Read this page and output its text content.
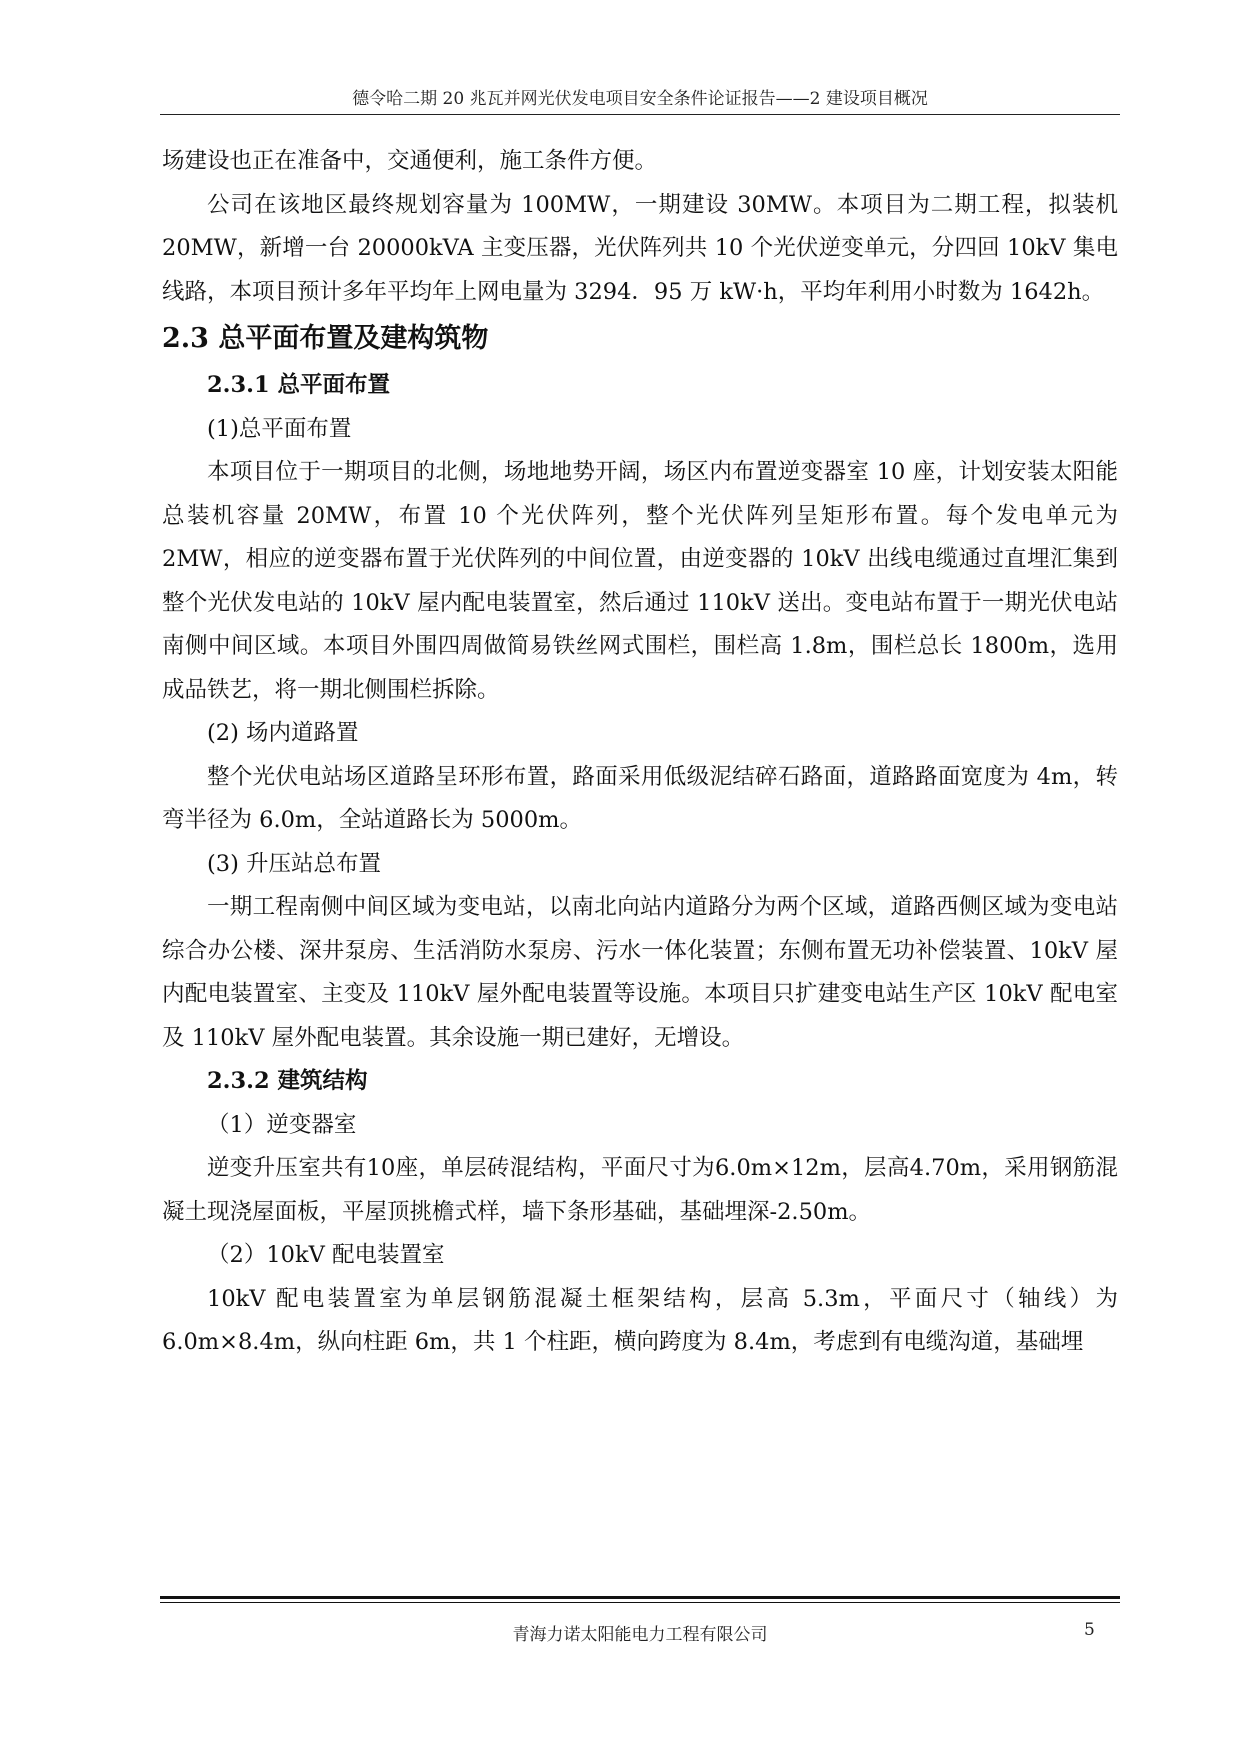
德令哈二期 20 兆瓦并网光伏发电项目安全条件论证报告——2 建设项目概况

场建设也正在准备中，交通便利，施工条件方便。

公司在该地区最终规划容量为 100MW，一期建设 30MW。本项目为二期工程，拟装机 20MW，新增一台 20000kVA 主变压器，光伏阵列共 10 个光伏逆变单元，分四回 10kV 集电线路，本项目预计多年平均年上网电量为 3294．95 万 kW·h，平均年利用小时数为 1642h。

2.3 总平面布置及建构筑物

2.3.1 总平面布置

(1)总平面布置

本项目位于一期项目的北侧，场地地势开阔，场区内布置逆变器室 10 座，计划安装太阳能总装机容量 20MW，布置 10 个光伏阵列，整个光伏阵列呈矩形布置。每个发电单元为 2MW，相应的逆变器布置于光伏阵列的中间位置，由逆变器的 10kV 出线电缆通过直埋汇集到整个光伏发电站的 10kV 屋内配电装置室，然后通过 110kV 送出。变电站布置于一期光伏电站南侧中间区域。本项目外围四周做简易铁丝网式围栏，围栏高 1.8m，围栏总长 1800m，选用成品铁艺，将一期北侧围栏拆除。

(2) 场内道路置

整个光伏电站场区道路呈环形布置，路面采用低级泥结碎石路面，道路路面宽度为 4m，转弯半径为 6.0m，全站道路长为 5000m。

(3) 升压站总布置

一期工程南侧中间区域为变电站，以南北向站内道路分为两个区域，道路西侧区域为变电站综合办公楼、深井泵房、生活消防水泵房、污水一体化装置；东侧布置无功补偿装置、10kV 屋内配电装置室、主变及 110kV 屋外配电装置等设施。本项目只扩建变电站生产区 10kV 配电室及 110kV 屋外配电装置。其余设施一期已建好，无增设。

2.3.2 建筑结构

（1）逆变器室

逆变升压室共有10座，单层砖混结构，平面尺寸为6.0m×12m，层高4.70m，采用钢筋混凝土现浇屋面板，平屋顶挑檐式样，墙下条形基础，基础埋深-2.50m。

（2）10kV 配电装置室

10kV 配电装置室为单层钢筋混凝土框架结构，层高 5.3m，平面尺寸（轴线）为 6.0m×8.4m，纵向柱距 6m，共 1 个柱距，横向跨度为 8.4m，考虑到有电缆沟道，基础埋

青海力诺太阳能电力工程有限公司	5
